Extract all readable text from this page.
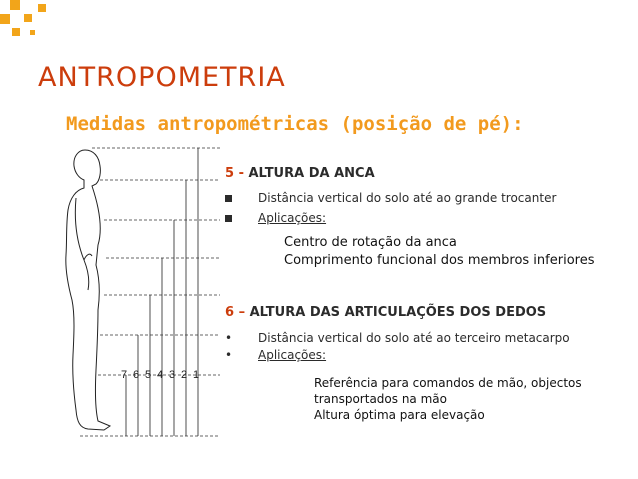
ANTROPOMETRIA
Medidas antropométricas (posição de pé):
7 6 5 4 3 2 1
5 - ALTURA DA ANCA
Distância vertical do solo até ao grande trocanter
Aplicações:
Centro de rotação da anca
Comprimento funcional dos membros inferiores
6 – ALTURA DAS ARTICULAÇÕES DOS DEDOS
• Distância vertical do solo até ao terceiro metacarpo
• Aplicações:
Referência para comandos de mão, objectos
transportados na mão
Altura óptima para elevação
